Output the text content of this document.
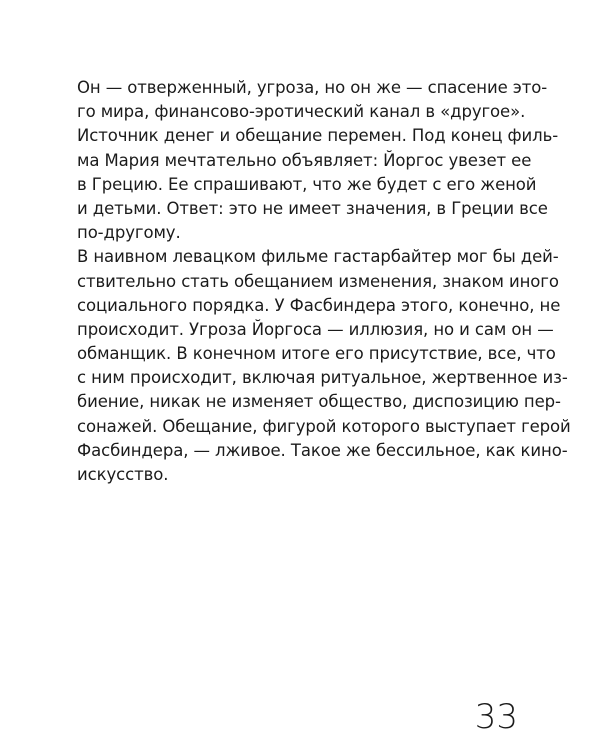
Он — отверженный, угроза, но он же — спасение это-
го мира, финансово-эротический канал в «другое».
Источник денег и обещание перемен. Под конец филь-
ма Мария мечтательно объявляет: Йоргос увезет ее
в Грецию. Ее спрашивают, что же будет с его женой
и детьми. Ответ: это не имеет значения, в Греции все
по-другому.
В наивном левацком фильме гастарбайтер мог бы дей-
ствительно стать обещанием изменения, знаком иного
социального порядка. У Фасбиндера этого, конечно, не
происходит. Угроза Йоргоса — иллюзия, но и сам он —
обманщик. В конечном итоге его присутствие, все, что
с ним происходит, включая ритуальное, жертвенное из-
биение, никак не изменяет общество, диспозицию пер-
сонажей. Обещание, фигурой которого выступает герой
Фасбиндера, — лживое. Такое же бессильное, как кино-
искусство.
33
